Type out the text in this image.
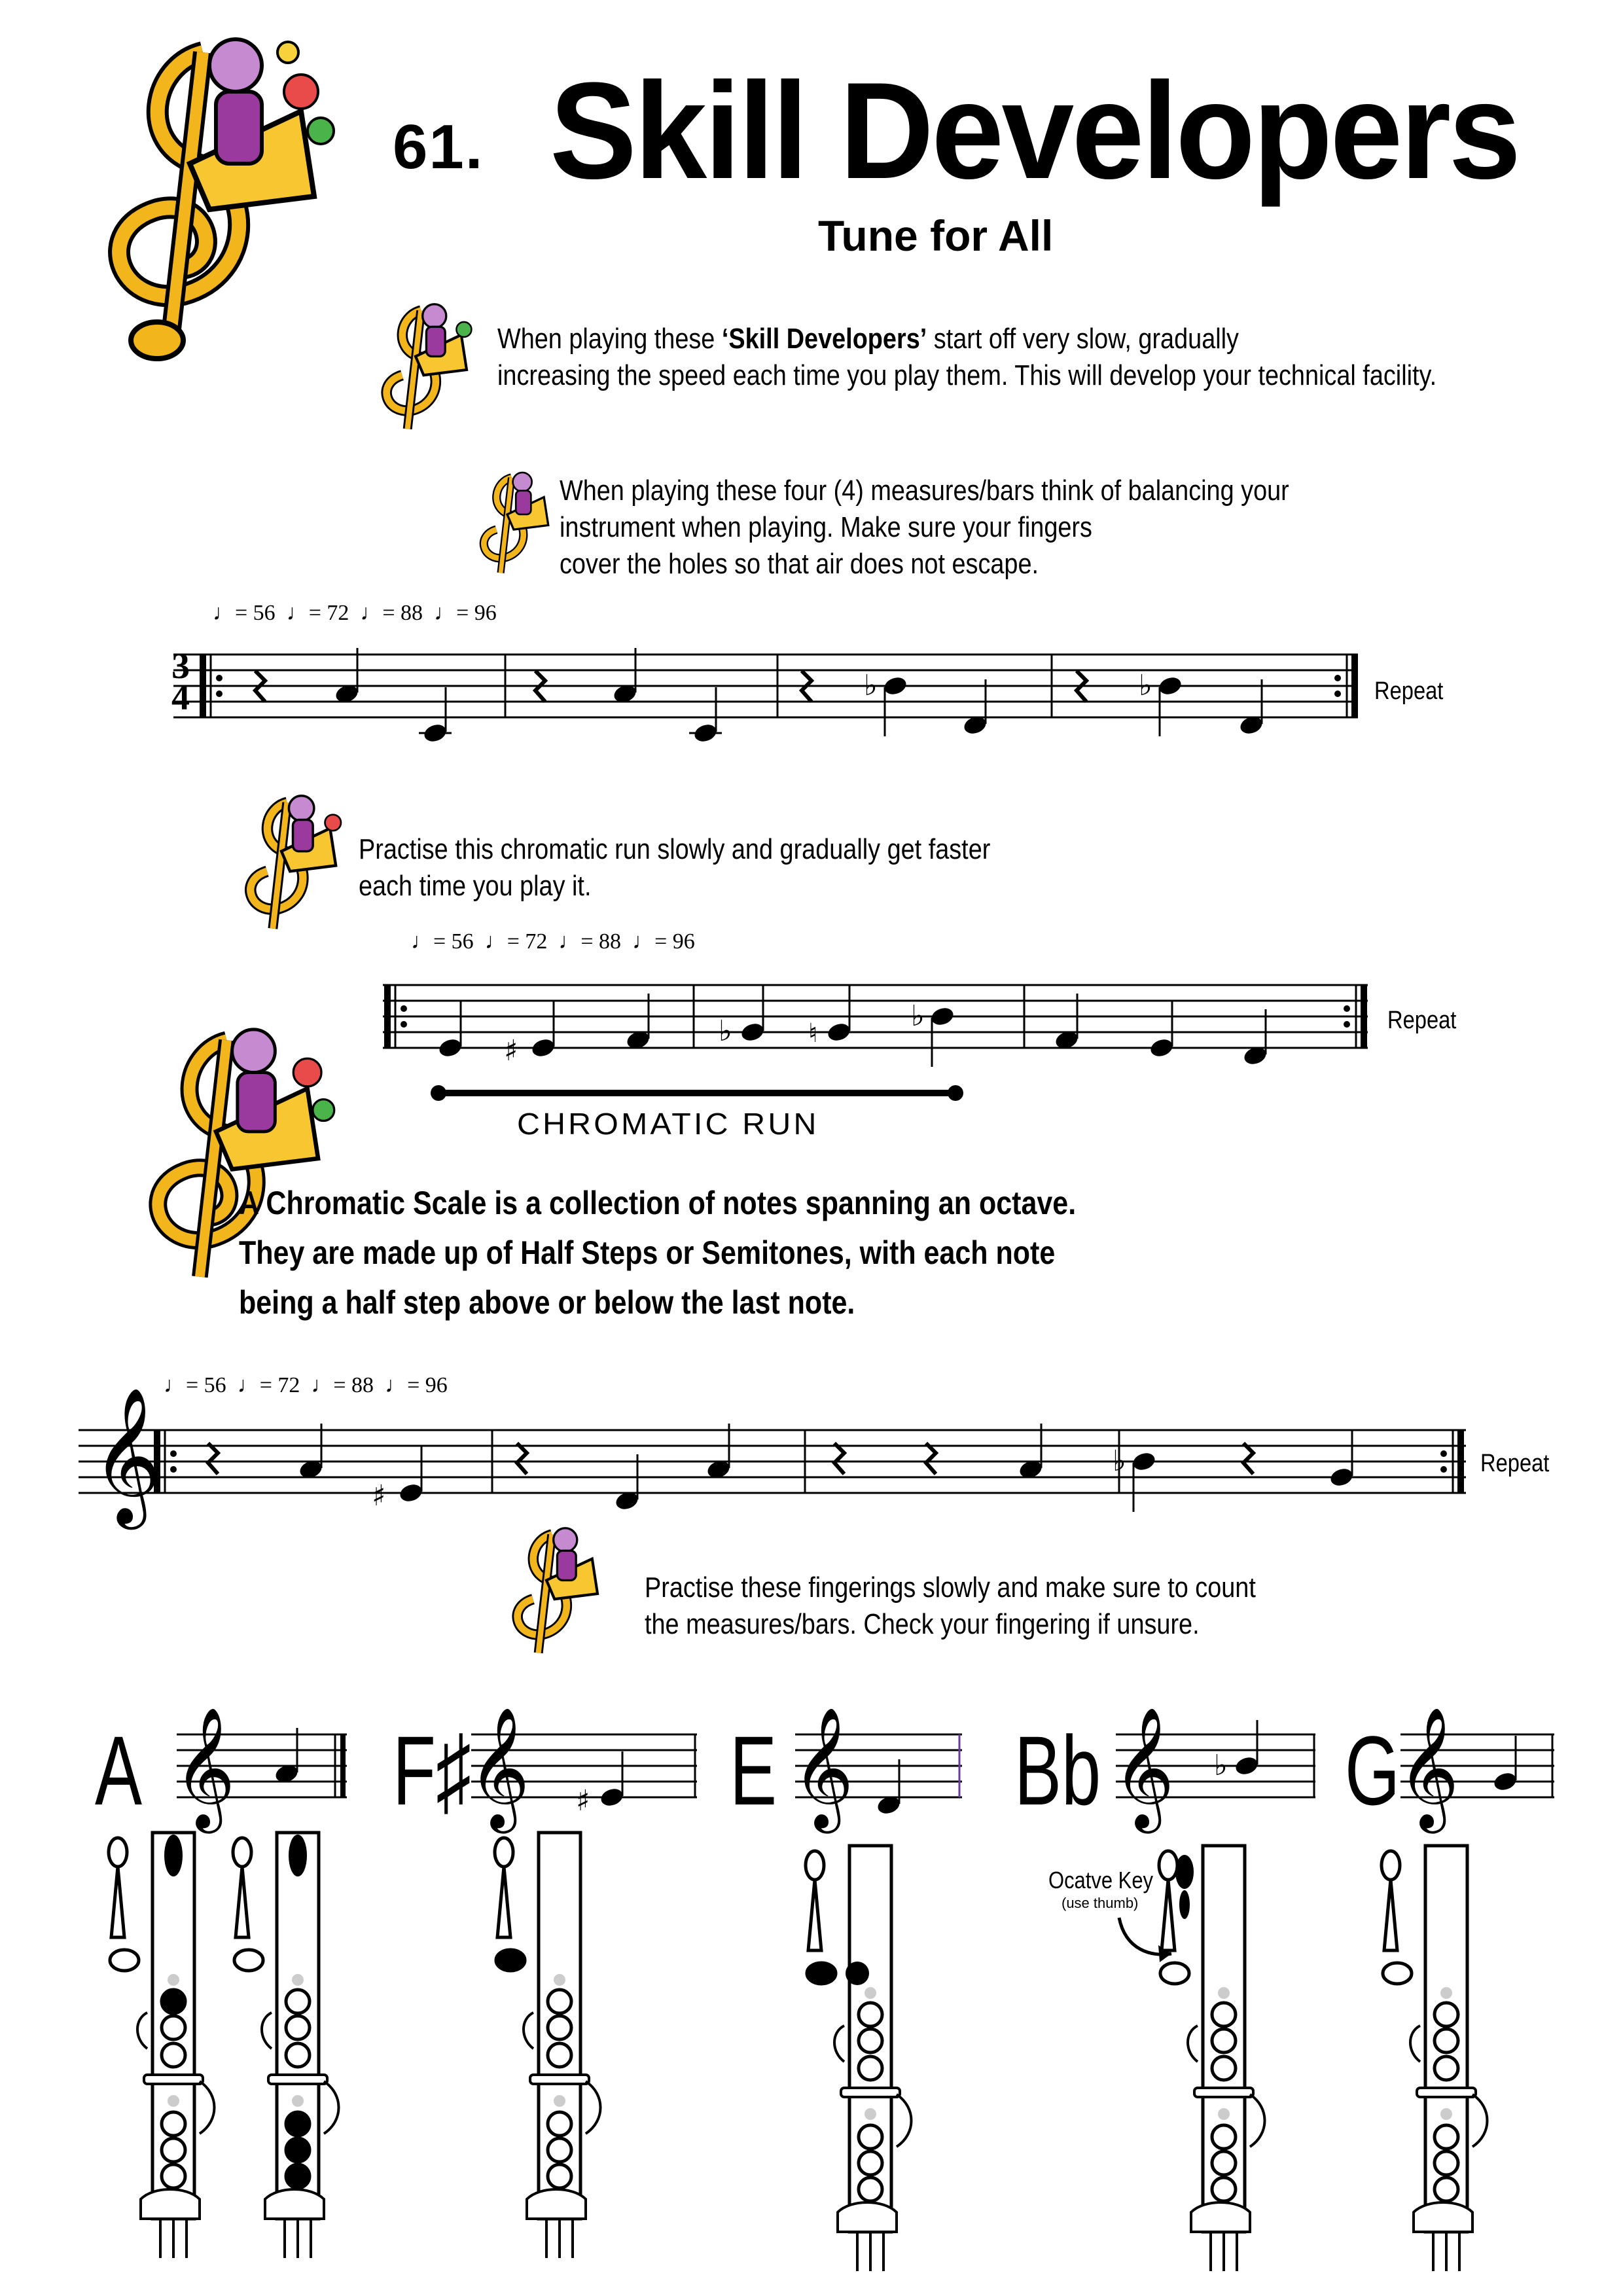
61. Skill Developers
Tune for All
When playing these ‘Skill Developers’ start off very slow, gradually
increasing the speed each time you play them. This will develop your technical facility.
When playing these four (4) measures/bars think of balancing your
instrument when playing. Make sure your fingers
cover the holes so that air does not escape.
Practise this chromatic run slowly and gradually get faster
each time you play it.
A Chromatic Scale is a collection of notes spanning an octave.
They are made up of Half Steps or Semitones, with each note
being a half step above or below the last note.
Practise these fingerings slowly and make sure to count
the measures/bars. Check your fingering if unsure.
♩= 56 ♩= 72 ♩= 88 ♩= 96
♩= 56 ♩= 72 ♩= 88 ♩= 96
♩= 56 ♩= 72 ♩= 88 ♩= 96
3
4	Repeat
♭	♭
♯
♭	♮
♭	Repeat
CHROMATIC RUN
𝄞	♯
♭	Repeat
A	F♯	E Bb G
𝄞 𝄞	𝄞 𝄞 𝄞
♯
♭
Ocatve Key
(use thumb)
